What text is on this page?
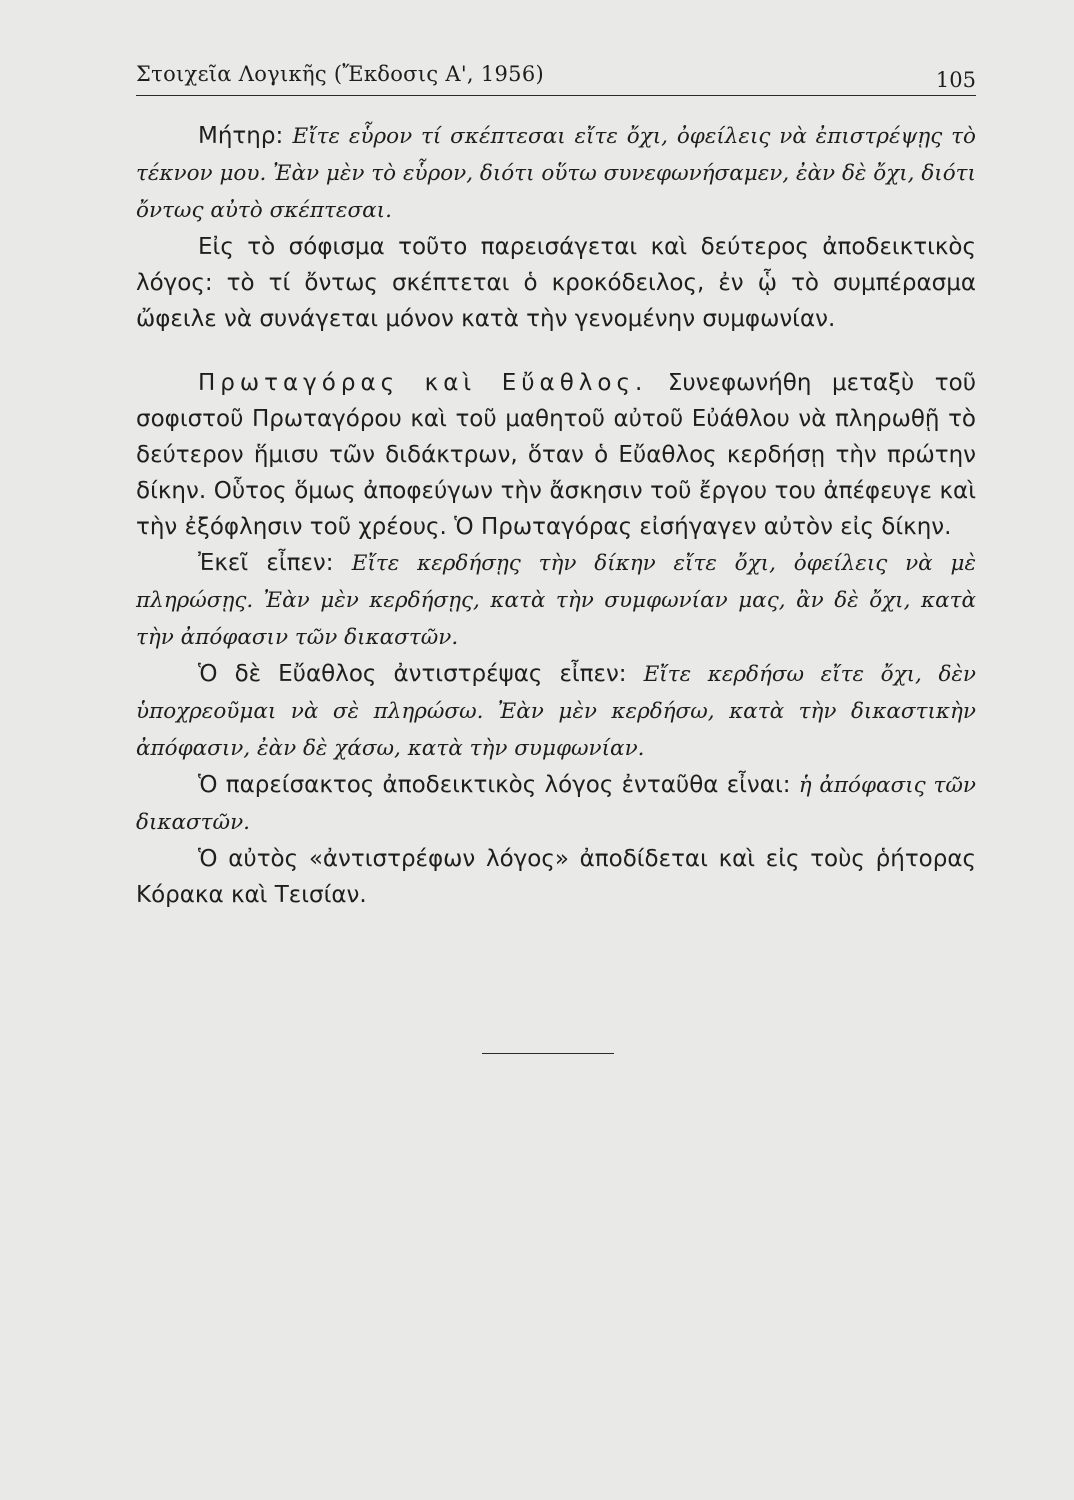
Στοιχεῖα Λογικῆς (Ἔκδοσις Α', 1956)	105

Μήτηρ: Εἴτε εὗρον τί σκέπτεσαι εἴτε ὄχι, ὀφείλεις νὰ ἐπιστρέψῃς τὸ τέκνον μου. Ἐὰν μὲν τὸ εὗρον, διότι οὕτω συνεφωνήσαμεν, ἐὰν δὲ ὄχι, διότι ὄντως αὐτὸ σκέπτεσαι.

Εἰς τὸ σόφισμα τοῦτο παρεισάγεται καὶ δεύτερος ἀποδεικτικὸς λόγος: τὸ τί ὄντως σκέπτεται ὁ κροκόδειλος, ἐν ᾧ τὸ συμπέρασμα ὤφειλε νὰ συνάγεται μόνον κατὰ τὴν γενομένην συμφωνίαν.

Πρωταγόρας καὶ Εὔαθλος. Συνεφωνήθη μεταξὺ τοῦ σοφιστοῦ Πρωταγόρου καὶ τοῦ μαθητοῦ αὐτοῦ Εὐάθλου νὰ πληρωθῇ τὸ δεύτερον ἥμισυ τῶν διδάκτρων, ὅταν ὁ Εὔαθλος κερδήσῃ τὴν πρώτην δίκην. Οὗτος ὅμως ἀποφεύγων τὴν ἄσκησιν τοῦ ἔργου του ἀπέφευγε καὶ τὴν ἐξόφλησιν τοῦ χρέους. Ὁ Πρωταγόρας εἰσήγαγεν αὐτὸν εἰς δίκην.

Ἐκεῖ εἶπεν: Εἴτε κερδήσῃς τὴν δίκην εἴτε ὄχι, ὀφείλεις νὰ μὲ πληρώσῃς. Ἐὰν μὲν κερδήσῃς, κατὰ τὴν συμφωνίαν μας, ἂν δὲ ὄχι, κατὰ τὴν ἀπόφασιν τῶν δικαστῶν.

Ὁ δὲ Εὔαθλος ἀντιστρέψας εἶπεν: Εἴτε κερδήσω εἴτε ὄχι, δὲν ὑποχρεοῦμαι νὰ σὲ πληρώσω. Ἐὰν μὲν κερδήσω, κατὰ τὴν δικαστικὴν ἀπόφασιν, ἐὰν δὲ χάσω, κατὰ τὴν συμφωνίαν.

Ὁ παρείσακτος ἀποδεικτικὸς λόγος ἐνταῦθα εἶναι: ἡ ἀπόφασις τῶν δικαστῶν.

Ὁ αὐτὸς «ἀντιστρέφων λόγος» ἀποδίδεται καὶ εἰς τοὺς ῥήτορας Κόρακα καὶ Τεισίαν.
